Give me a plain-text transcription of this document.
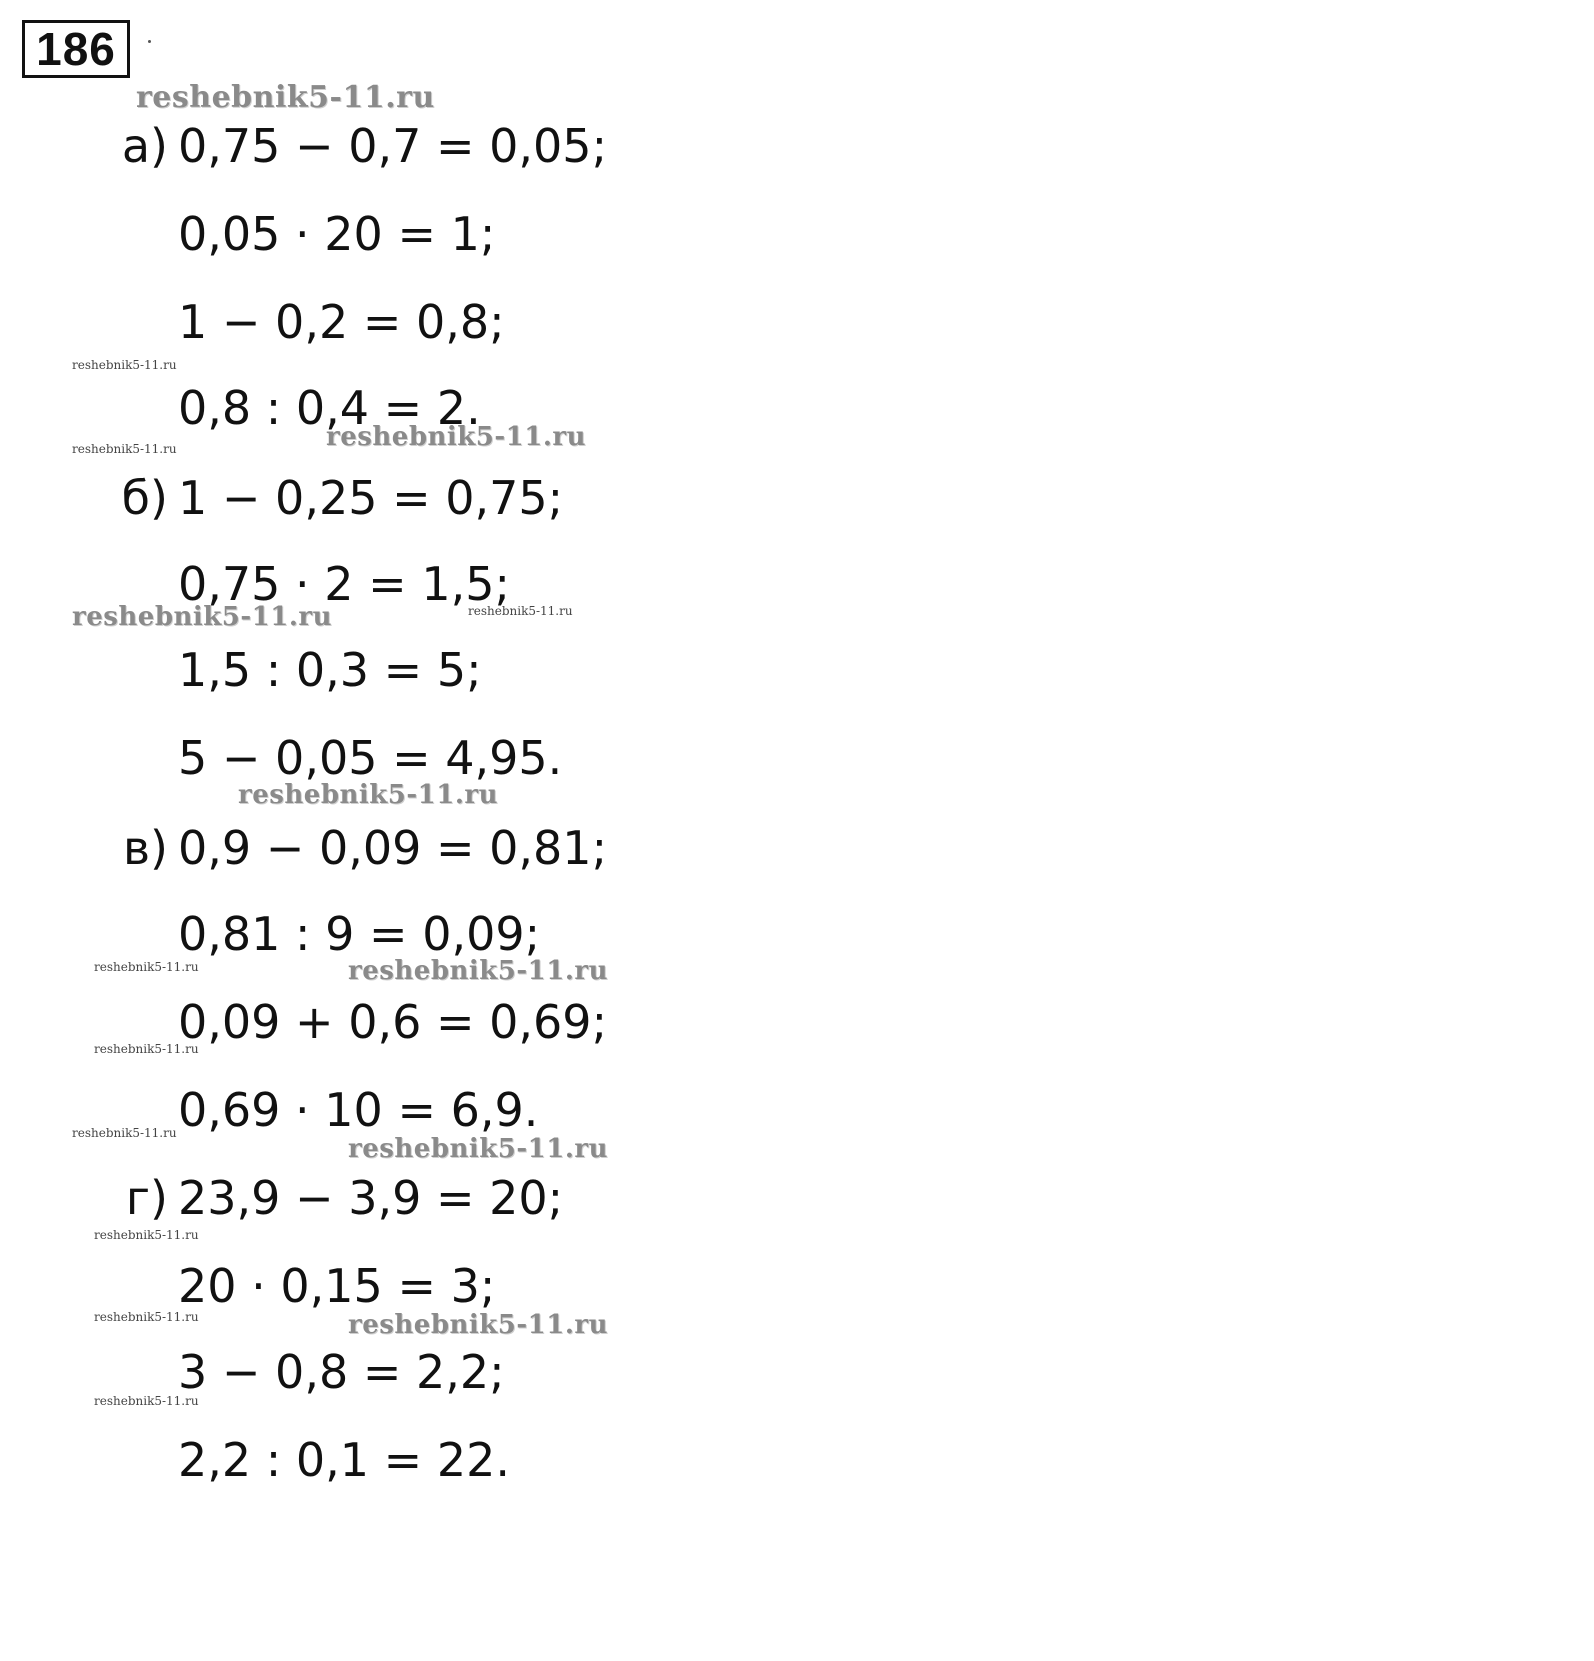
186
а) 0,75 − 0,7 = 0,05;
0,05 · 20 = 1;
1 − 0,2 = 0,8;
0,8 : 0,4 = 2.
б) 1 − 0,25 = 0,75;
0,75 · 2 = 1,5;
1,5 : 0,3 = 5;
5 − 0,05 = 4,95.
в) 0,9 − 0,09 = 0,81;
0,81 : 9 = 0,09;
0,09 + 0,6 = 0,69;
0,69 · 10 = 6,9.
г) 23,9 − 3,9 = 20;
20 · 0,15 = 3;
3 − 0,8 = 2,2;
2,2 : 0,1 = 22.
reshebnik5-11.ru
reshebnik5-11.ru
reshebnik5-11.ru
reshebnik5-11.ru
reshebnik5-11.ru
reshebnik5-11.ru
reshebnik5-11.ru
reshebnik5-11.ru
reshebnik5-11.ru
reshebnik5-11.ru
reshebnik5-11.ru
reshebnik5-11.ru
reshebnik5-11.ru
reshebnik5-11.ru
reshebnik5-11.ru
reshebnik5-11.ru
